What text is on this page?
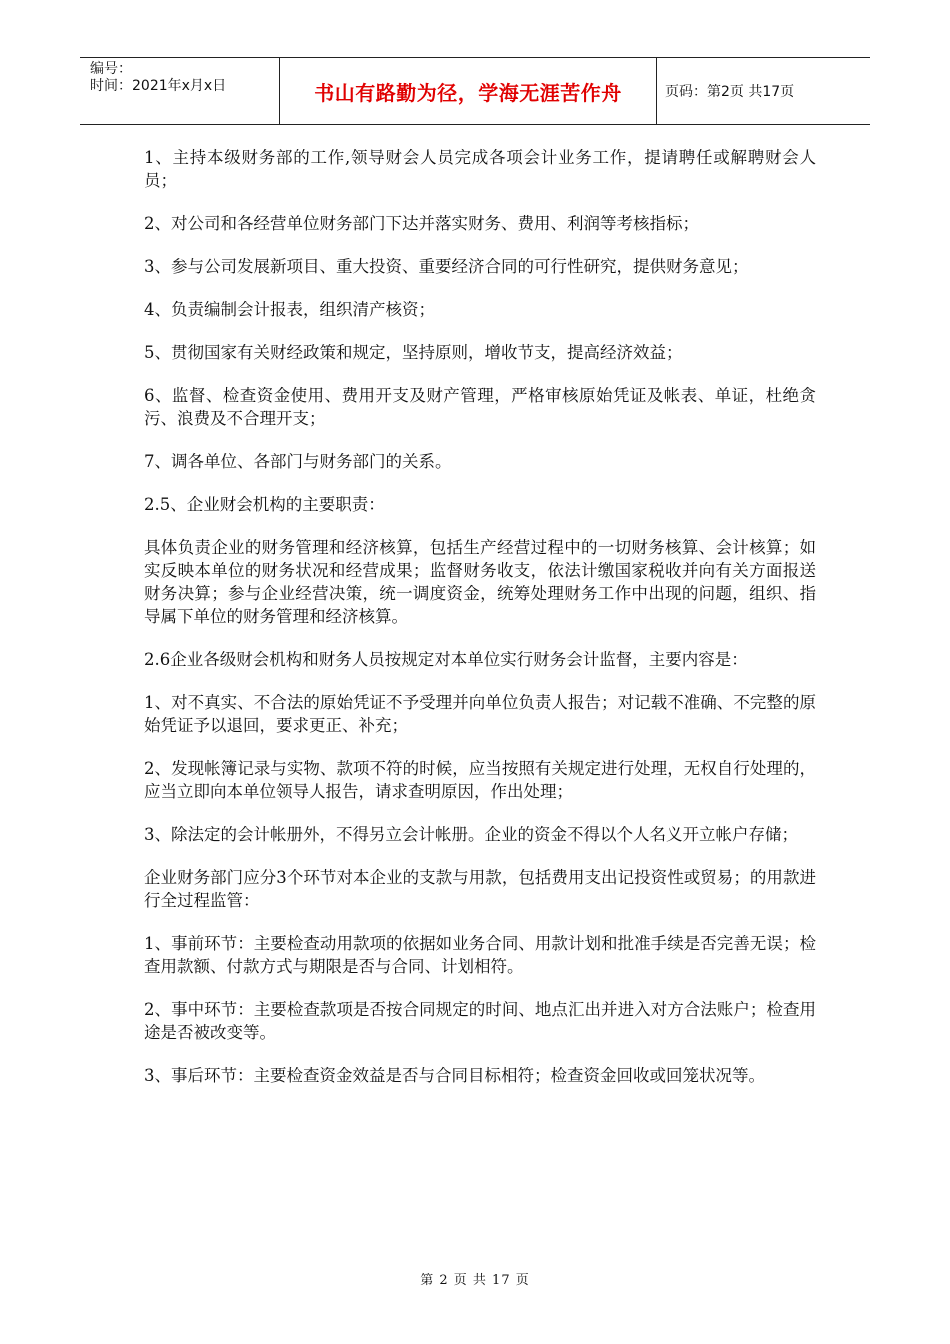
编号：
时间：2021年x月x日	书山有路勤为径，学海无涯苦作舟	页码：第2页 共17页

1、主持本级财务部的工作,领导财会人员完成各项会计业务工作，提请聘任或解聘财会人员；

2、对公司和各经营单位财务部门下达并落实财务、费用、利润等考核指标；

3、参与公司发展新项目、重大投资、重要经济合同的可行性研究，提供财务意见；

4、负责编制会计报表，组织清产核资；

5、贯彻国家有关财经政策和规定，坚持原则，增收节支，提高经济效益；

6、监督、检查资金使用、费用开支及财产管理，严格审核原始凭证及帐表、单证，杜绝贪污、浪费及不合理开支；

7、调各单位、各部门与财务部门的关系。

2.5、企业财会机构的主要职责：

具体负责企业的财务管理和经济核算，包括生产经营过程中的一切财务核算、会计核算；如实反映本单位的财务状况和经营成果；监督财务收支，依法计缴国家税收并向有关方面报送财务决算；参与企业经营决策，统一调度资金，统筹处理财务工作中出现的问题，组织、指导属下单位的财务管理和经济核算。

2.6企业各级财会机构和财务人员按规定对本单位实行财务会计监督，主要内容是：

1、对不真实、不合法的原始凭证不予受理并向单位负责人报告；对记载不准确、不完整的原始凭证予以退回，要求更正、补充；

2、发现帐簿记录与实物、款项不符的时候，应当按照有关规定进行处理，无权自行处理的，应当立即向本单位领导人报告，请求查明原因，作出处理；

3、除法定的会计帐册外，不得另立会计帐册。企业的资金不得以个人名义开立帐户存储；

企业财务部门应分3个环节对本企业的支款与用款，包括费用支出记投资性或贸易；的用款进行全过程监管：

1、事前环节：主要检查动用款项的依据如业务合同、用款计划和批准手续是否完善无误；检查用款额、付款方式与期限是否与合同、计划相符。

2、事中环节：主要检查款项是否按合同规定的时间、地点汇出并进入对方合法账户；检查用途是否被改变等。

3、事后环节：主要检查资金效益是否与合同目标相符；检查资金回收或回笼状况等。

第 2 页 共 17 页
